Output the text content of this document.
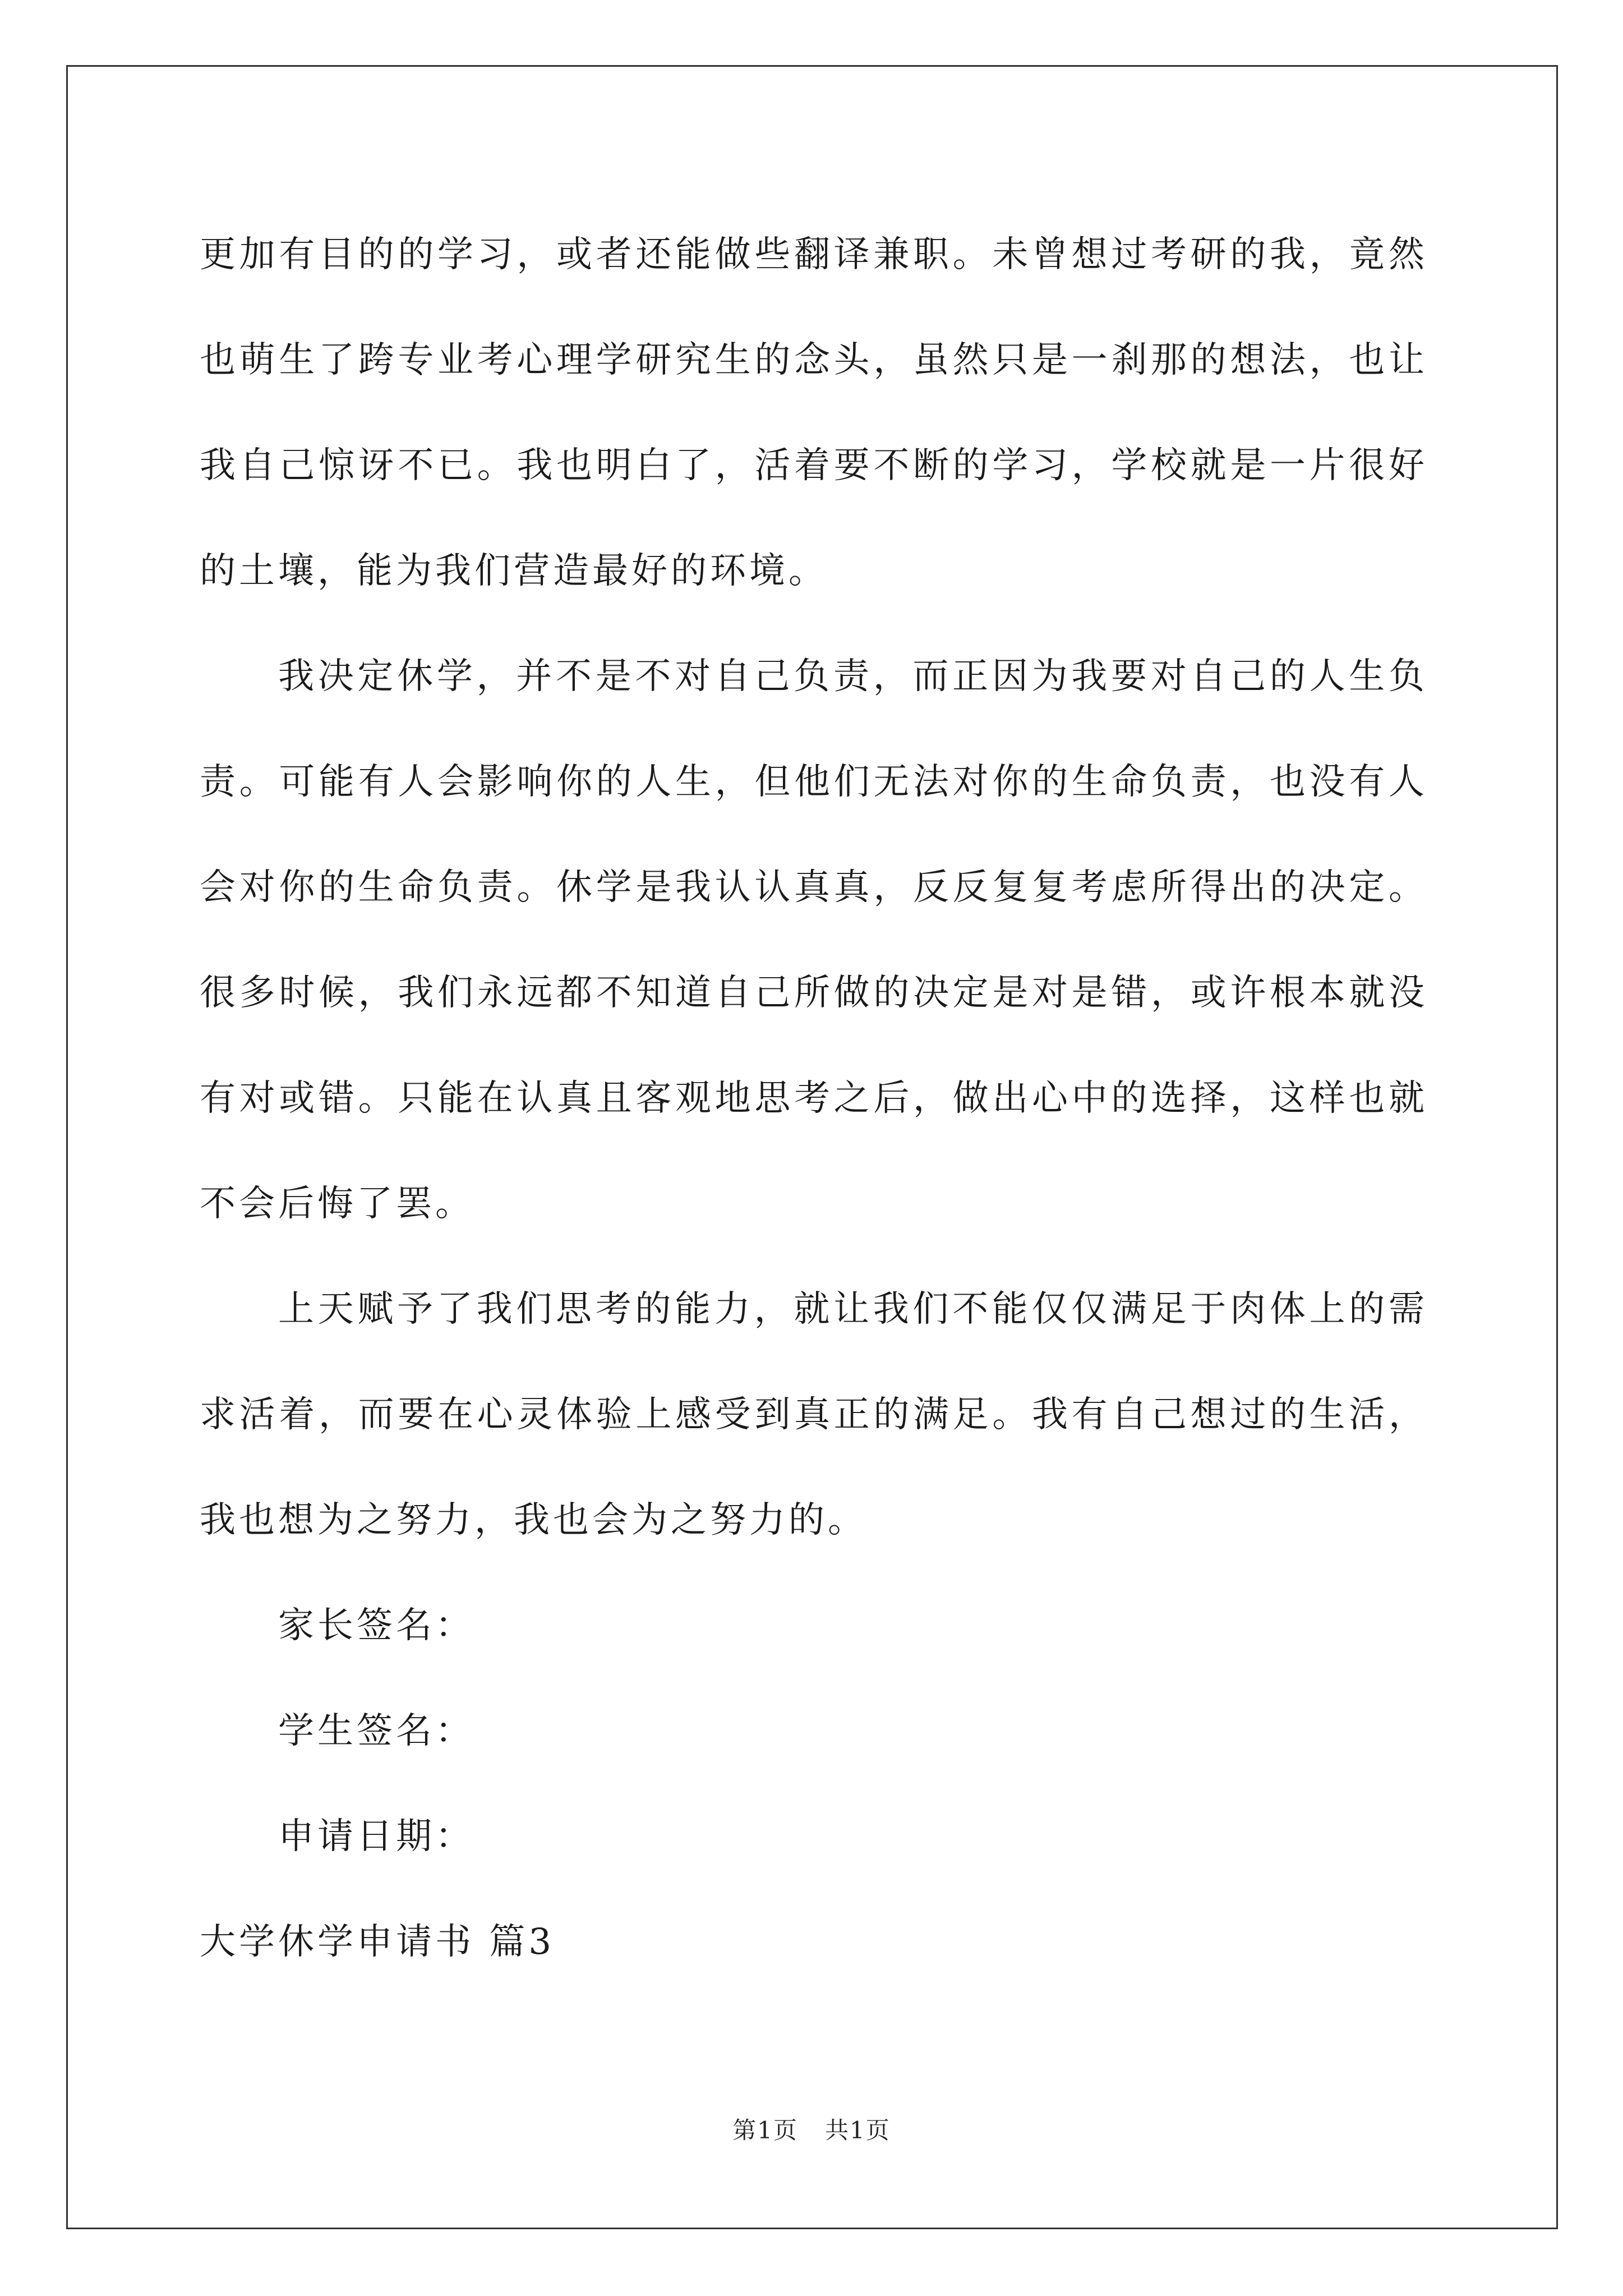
更加有目的的学习，或者还能做些翻译兼职。未曾想过考研的我，竟然也萌生了跨专业考心理学研究生的念头，虽然只是一刹那的想法，也让我自己惊讶不已。我也明白了，活着要不断的学习，学校就是一片很好的土壤，能为我们营造最好的环境。

我决定休学，并不是不对自己负责，而正因为我要对自己的人生负责。可能有人会影响你的人生，但他们无法对你的生命负责，也没有人会对你的生命负责。休学是我认认真真，反反复复考虑所得出的决定。很多时候，我们永远都不知道自己所做的决定是对是错，或许根本就没有对或错。只能在认真且客观地思考之后，做出心中的选择，这样也就不会后悔了罢。

上天赋予了我们思考的能力，就让我们不能仅仅满足于肉体上的需求活着，而要在心灵体验上感受到真正的满足。我有自己想过的生活，我也想为之努力，我也会为之努力的。

家长签名：

学生签名：

申请日期：

大学休学申请书 篇3

第1页 共1页
